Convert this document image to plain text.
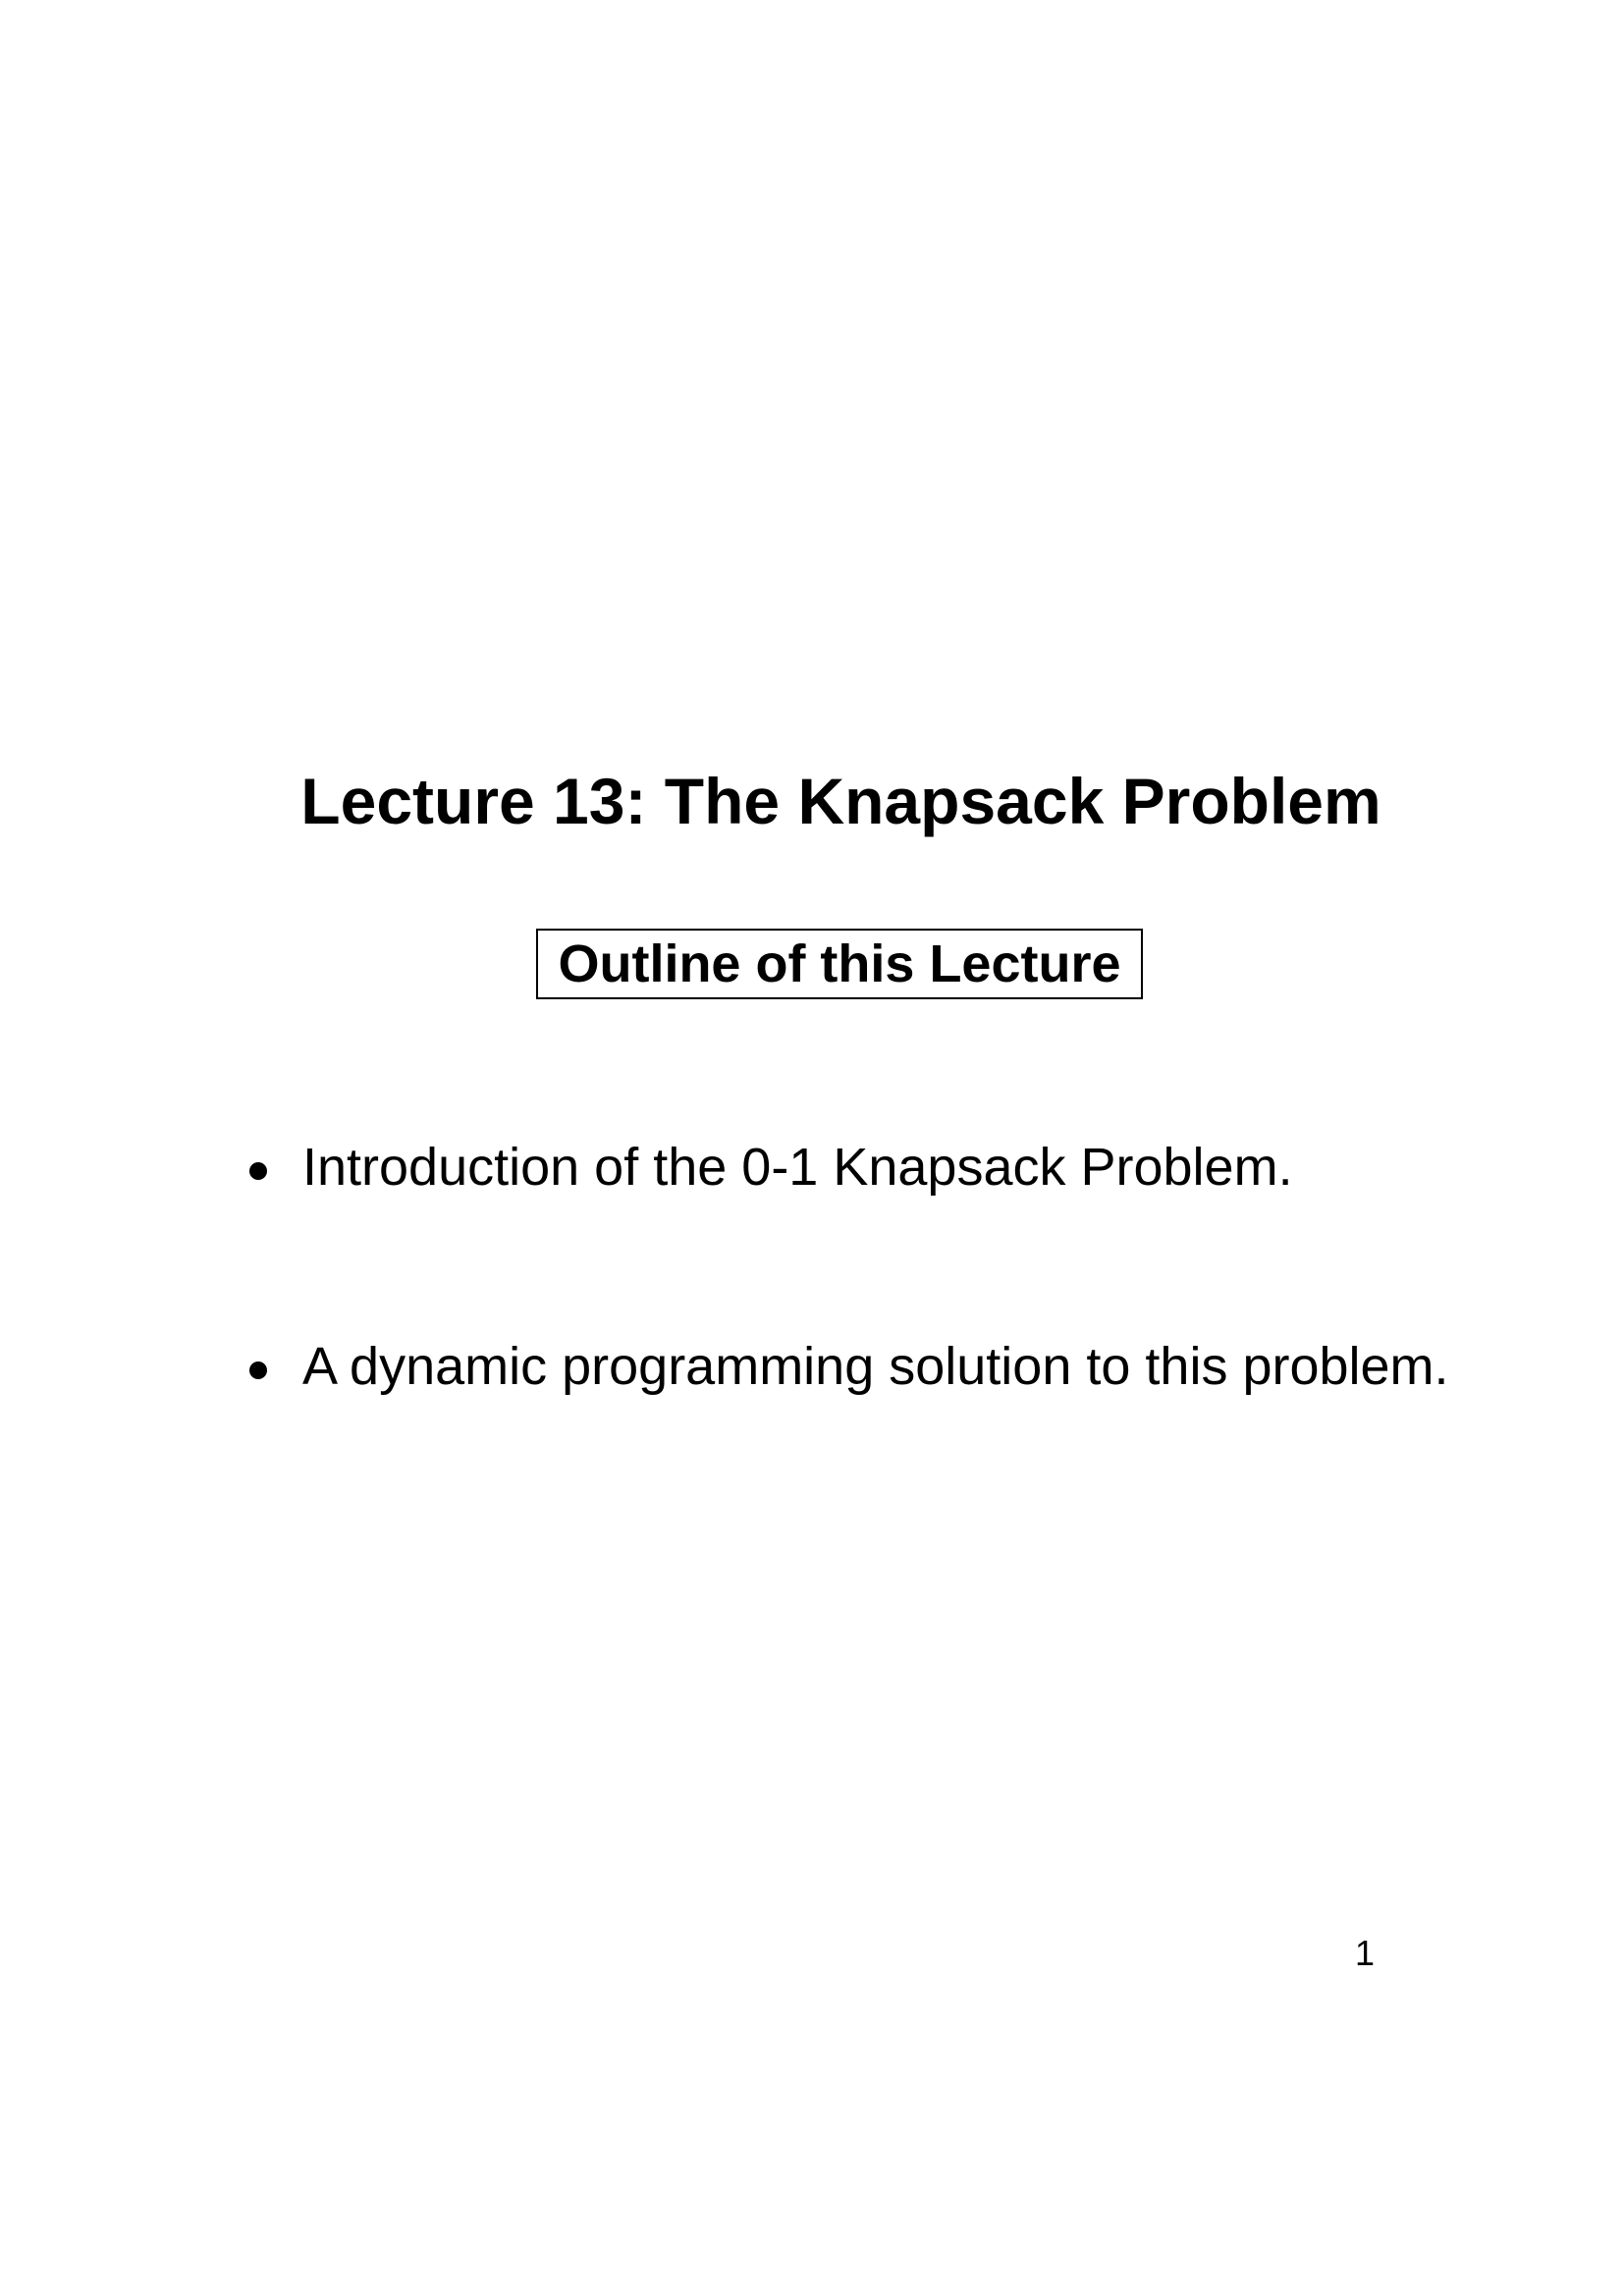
Lecture 13: The Knapsack Problem
Outline of this Lecture
Introduction of the 0-1 Knapsack Problem.
A dynamic programming solution to this problem.
1
